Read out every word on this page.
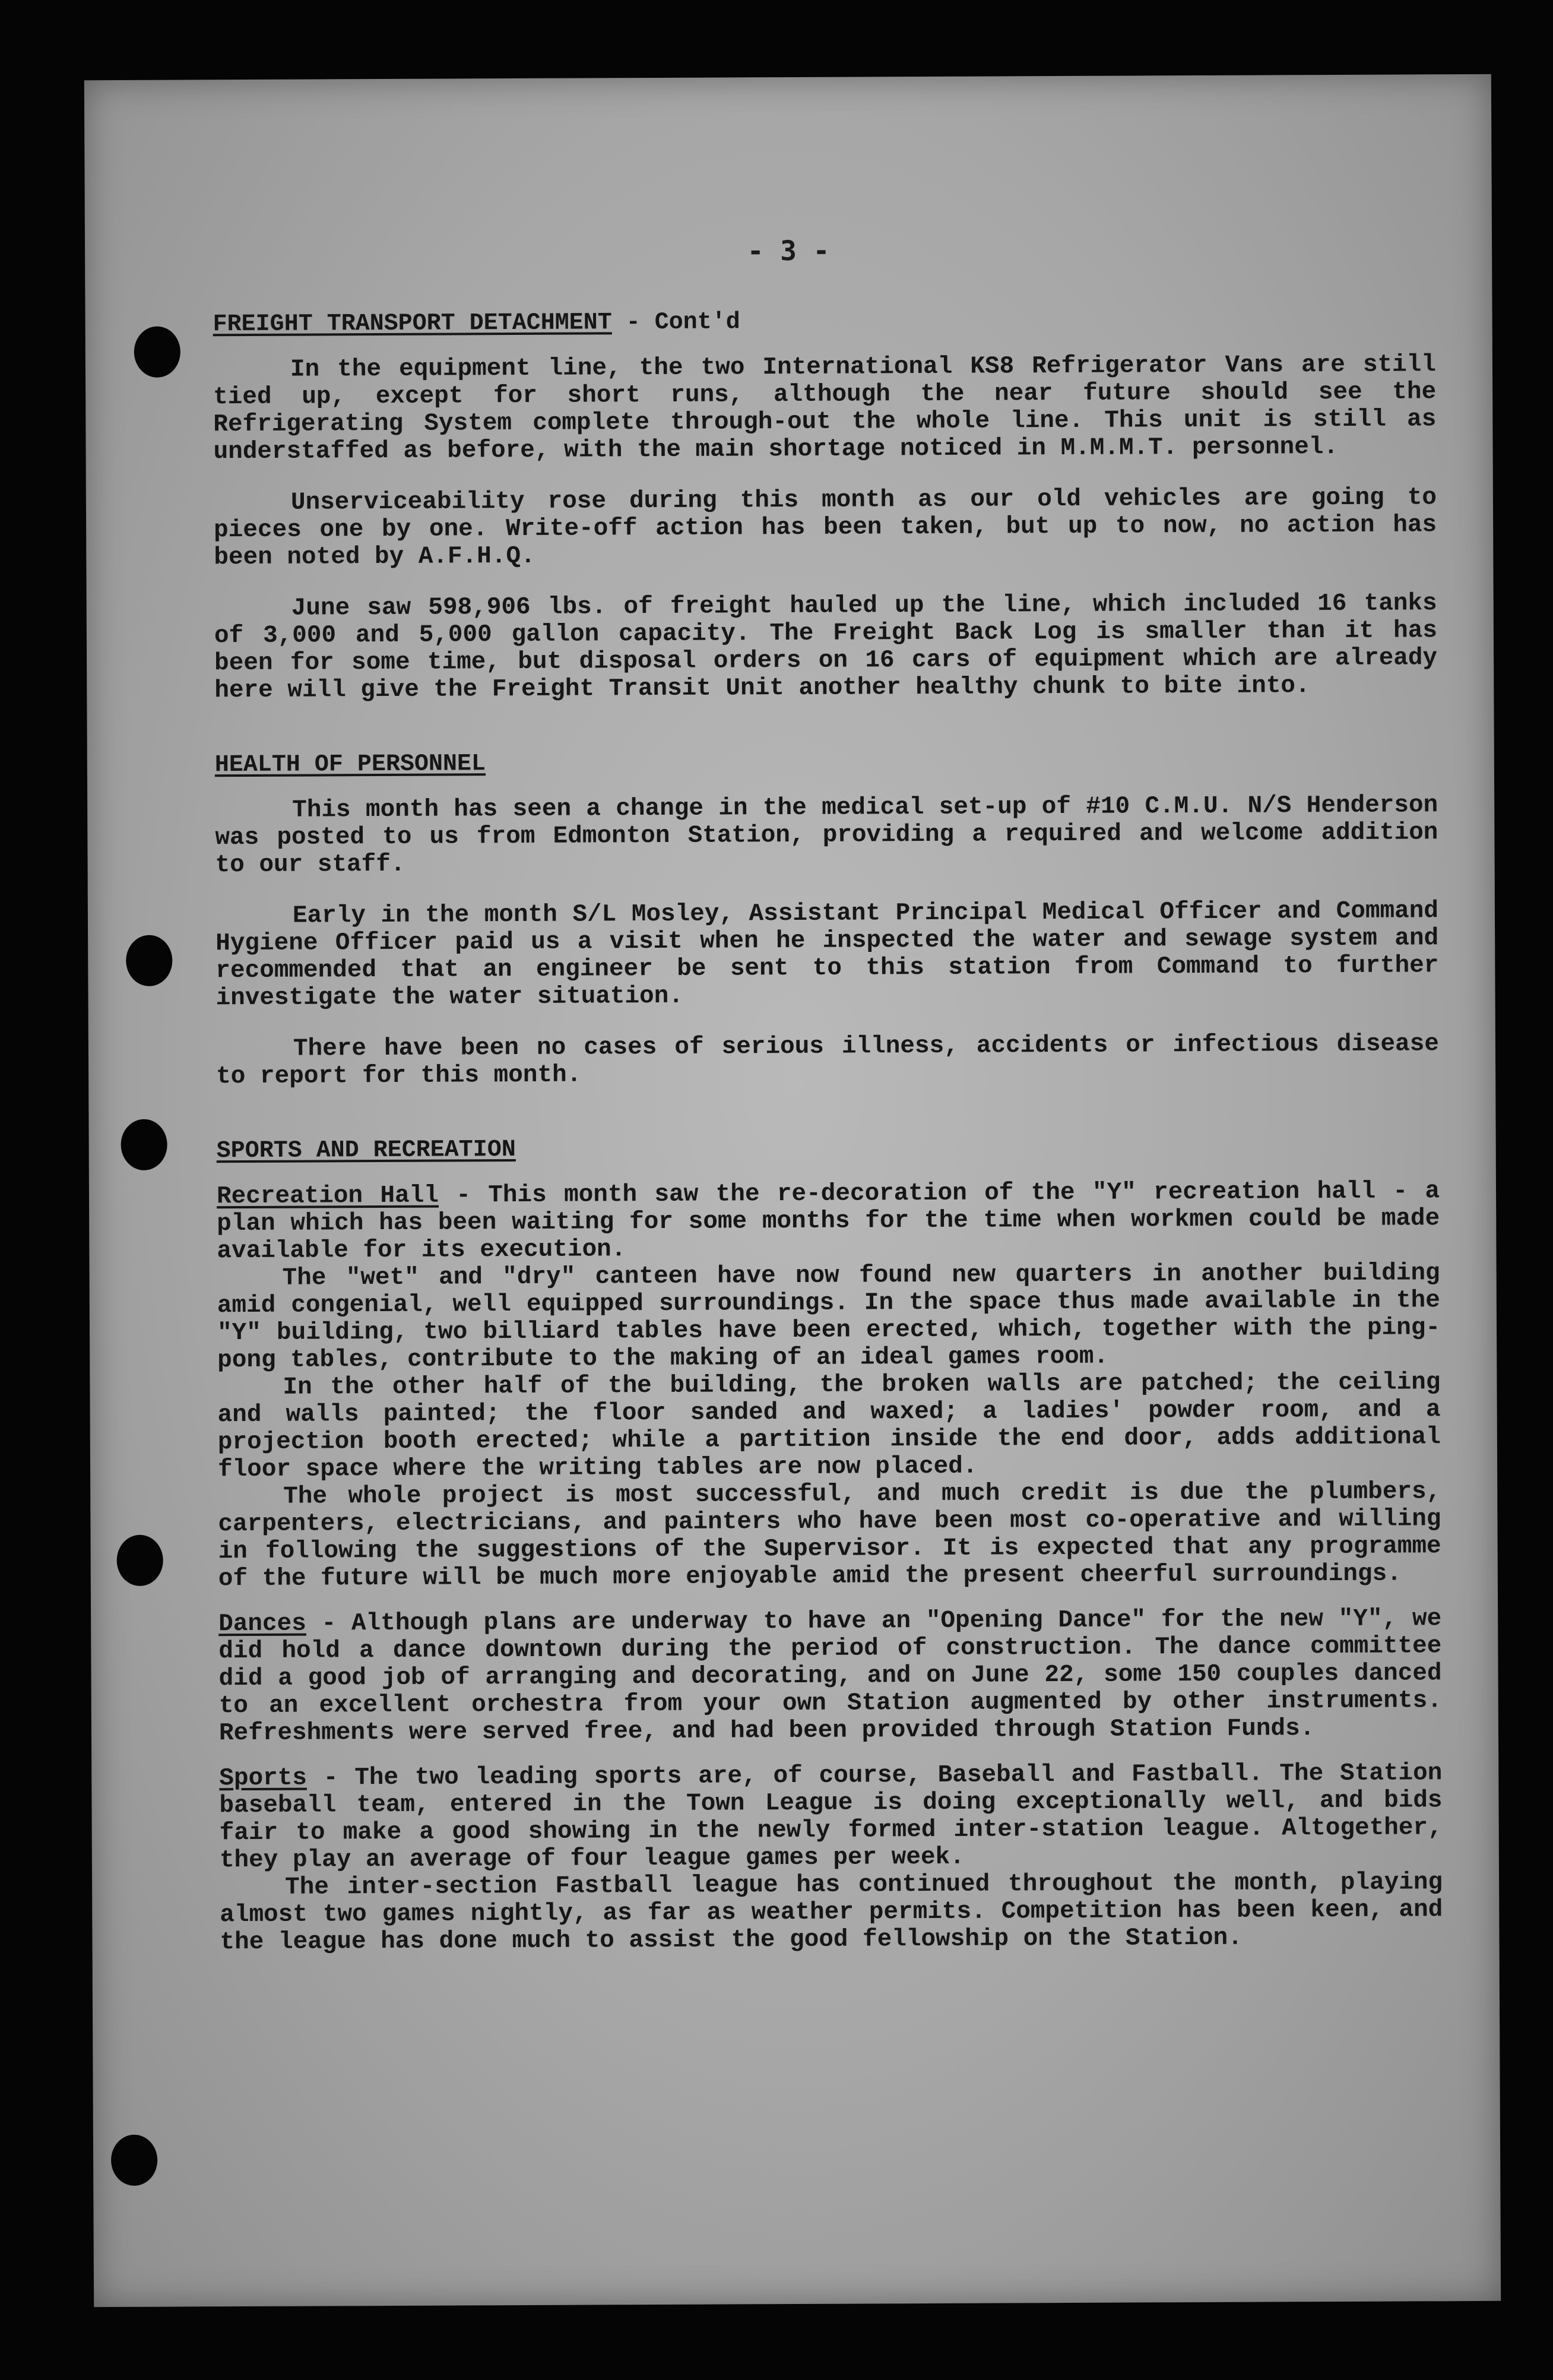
- 3 -
FREIGHT TRANSPORT DETACHMENT - Cont'd

In the equipment line, the two International KS8 Refrigerator Vans are still tied up, except for short runs, although the near future should see the Refrigerating System complete through-out the whole line. This unit is still as understaffed as before, with the main shortage noticed in M.M.M.T. personnel.

Unserviceability rose during this month as our old vehicles are going to pieces one by one. Write-off action has been taken, but up to now, no action has been noted by A.F.H.Q.

June saw 598,906 lbs. of freight hauled up the line, which included 16 tanks of 3,000 and 5,000 gallon capacity. The Freight Back Log is smaller than it has been for some time, but disposal orders on 16 cars of equipment which are already here will give the Freight Transit Unit another healthy chunk to bite into.

HEALTH OF PERSONNEL

This month has seen a change in the medical set-up of #10 C.M.U. N/S Henderson was posted to us from Edmonton Station, providing a required and welcome addition to our staff.

Early in the month S/L Mosley, Assistant Principal Medical Officer and Command Hygiene Officer paid us a visit when he inspected the water and sewage system and recommended that an engineer be sent to this station from Command to further investigate the water situation.

There have been no cases of serious illness, accidents or infectious disease to report for this month.

SPORTS AND RECREATION

Recreation Hall - This month saw the re-decoration of the "Y" recreation hall - a plan which has been waiting for some months for the time when workmen could be made available for its execution.

The "wet" and "dry" canteen have now found new quarters in another building amid congenial, well equipped surroundings. In the space thus made available in the "Y" building, two billiard tables have been erected, which, together with the ping-pong tables, contribute to the making of an ideal games room.

In the other half of the building, the broken walls are patched; the ceiling and walls painted; the floor sanded and waxed; a ladies' powder room, and a projection booth erected; while a partition inside the end door, adds additional floor space where the writing tables are now placed.

The whole project is most successful, and much credit is due the plumbers, carpenters, electricians, and painters who have been most co-operative and willing in following the suggestions of the Supervisor. It is expected that any programme of the future will be much more enjoyable amid the present cheerful surroundings.

Dances - Although plans are underway to have an "Opening Dance" for the new "Y", we did hold a dance downtown during the period of construction. The dance committee did a good job of arranging and decorating, and on June 22, some 150 couples danced to an excellent orchestra from your own Station augmented by other instruments. Refreshments were served free, and had been provided through Station Funds.

Sports - The two leading sports are, of course, Baseball and Fastball. The Station baseball team, entered in the Town League is doing exceptionally well, and bids fair to make a good showing in the newly formed inter-station league. Altogether, they play an average of four league games per week.

The inter-section Fastball league has continued throughout the month, playing almost two games nightly, as far as weather permits. Competition has been keen, and the league has done much to assist the good fellowship on the Station.
